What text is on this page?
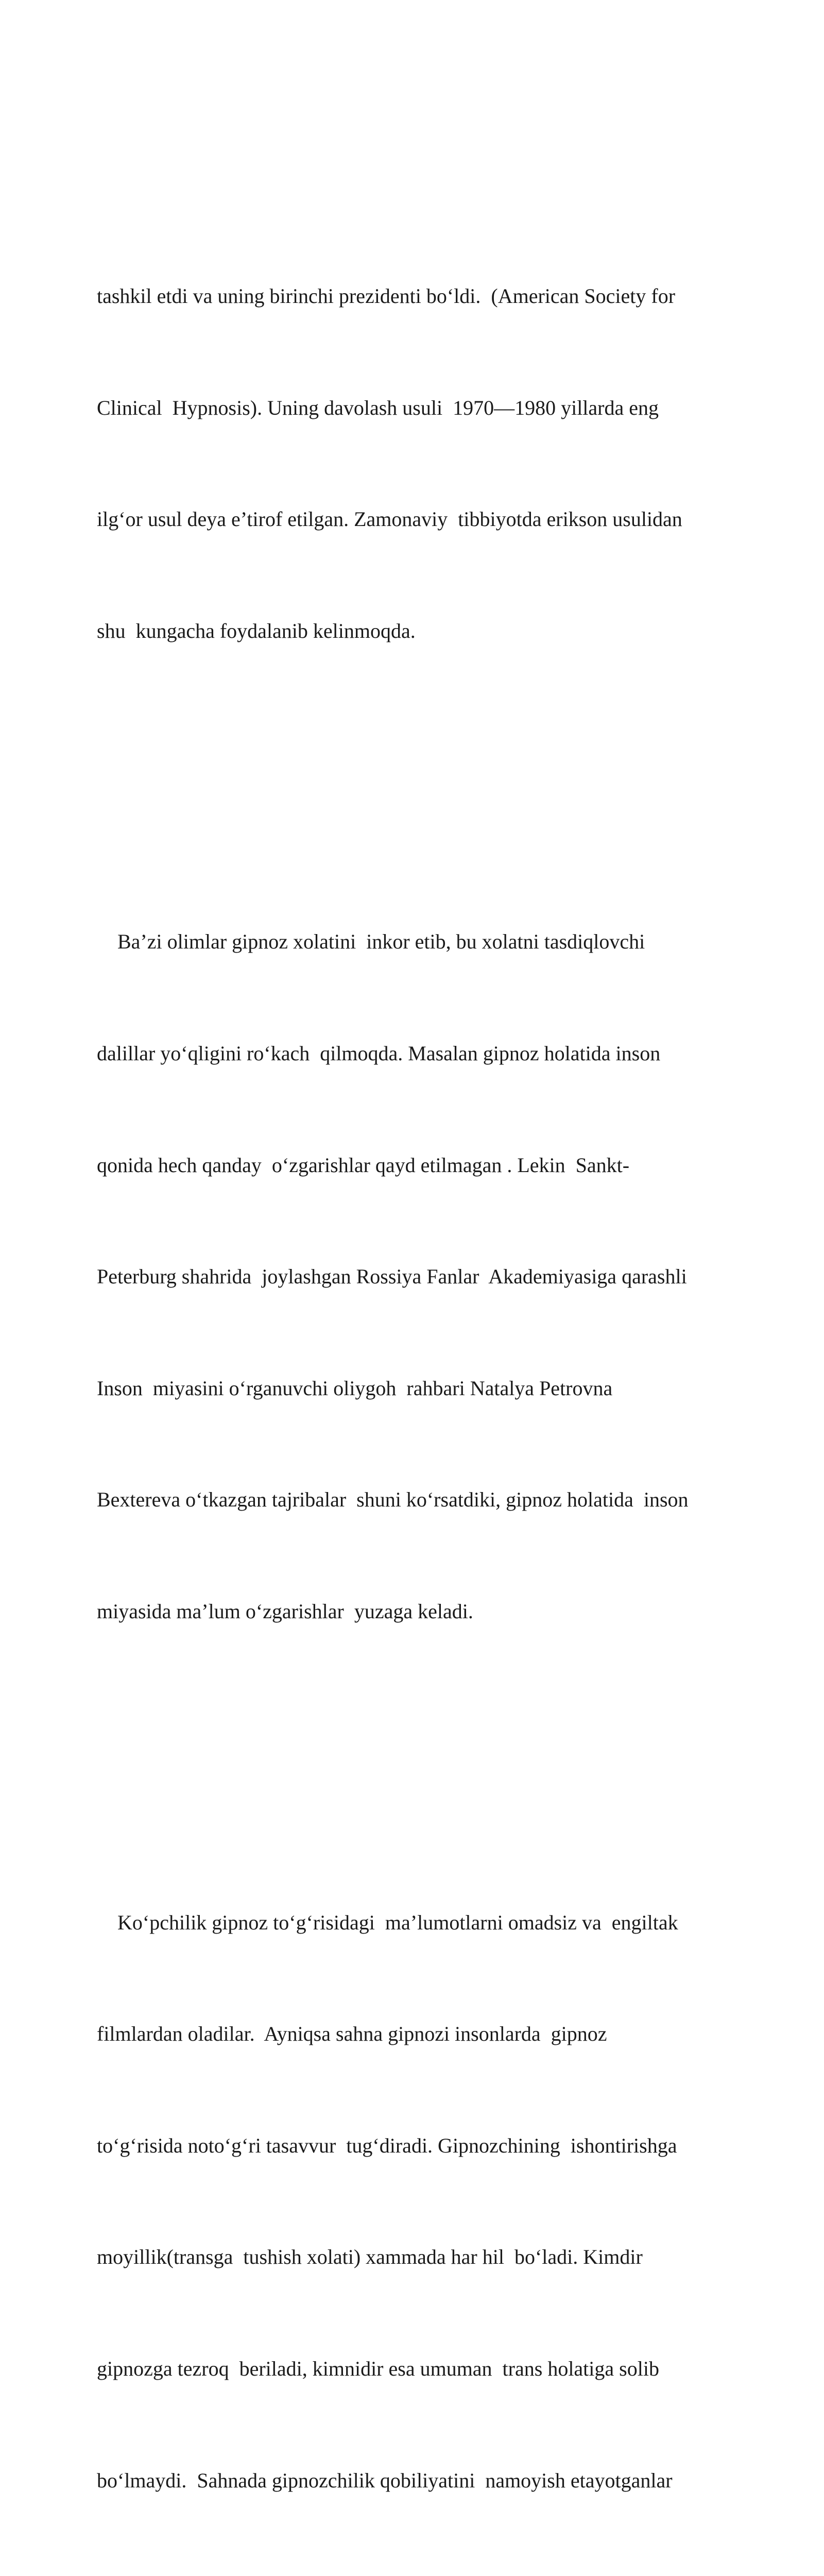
tashkil etdi va uning birinchi prezidenti bo‘ldi.  (American Society for

Clinical  Hypnosis). Uning davolash usuli  1970—1980 yillarda eng

ilg‘or usul deya e’tirof etilgan. Zamonaviy  tibbiyotda erikson usulidan

shu  kungacha foydalanib kelinmoqda.

Ba’zi olimlar gipnoz xolatini  inkor etib, bu xolatni tasdiqlovchi

dalillar yo‘qligini ro‘kach  qilmoqda. Masalan gipnoz holatida inson

qonida hech qanday  o‘zgarishlar qayd etilmagan . Lekin  Sankt-

Peterburg shahrida  joylashgan Rossiya Fanlar  Akademiyasiga qarashli

Inson  miyasini o‘rganuvchi oliygoh  rahbari Natalya Petrovna

Bextereva o‘tkazgan tajribalar  shuni ko‘rsatdiki, gipnoz holatida  inson

miyasida ma’lum o‘zgarishlar  yuzaga keladi.

Ko‘pchilik gipnoz to‘g‘risidagi  ma’lumotlarni omadsiz va  engiltak

filmlardan oladilar.  Ayniqsa sahna gipnozi insonlarda  gipnoz

to‘g‘risida noto‘g‘ri tasavvur  tug‘diradi. Gipnozchining  ishontirishga

moyillik(transga  tushish xolati) xammada har hil  bo‘ladi. Kimdir

gipnozga tezroq  beriladi, kimnidir esa umuman  trans holatiga solib

bo‘lmaydi.  Sahnada gipnozchilik qobiliyatini  namoyish etayotganlar
